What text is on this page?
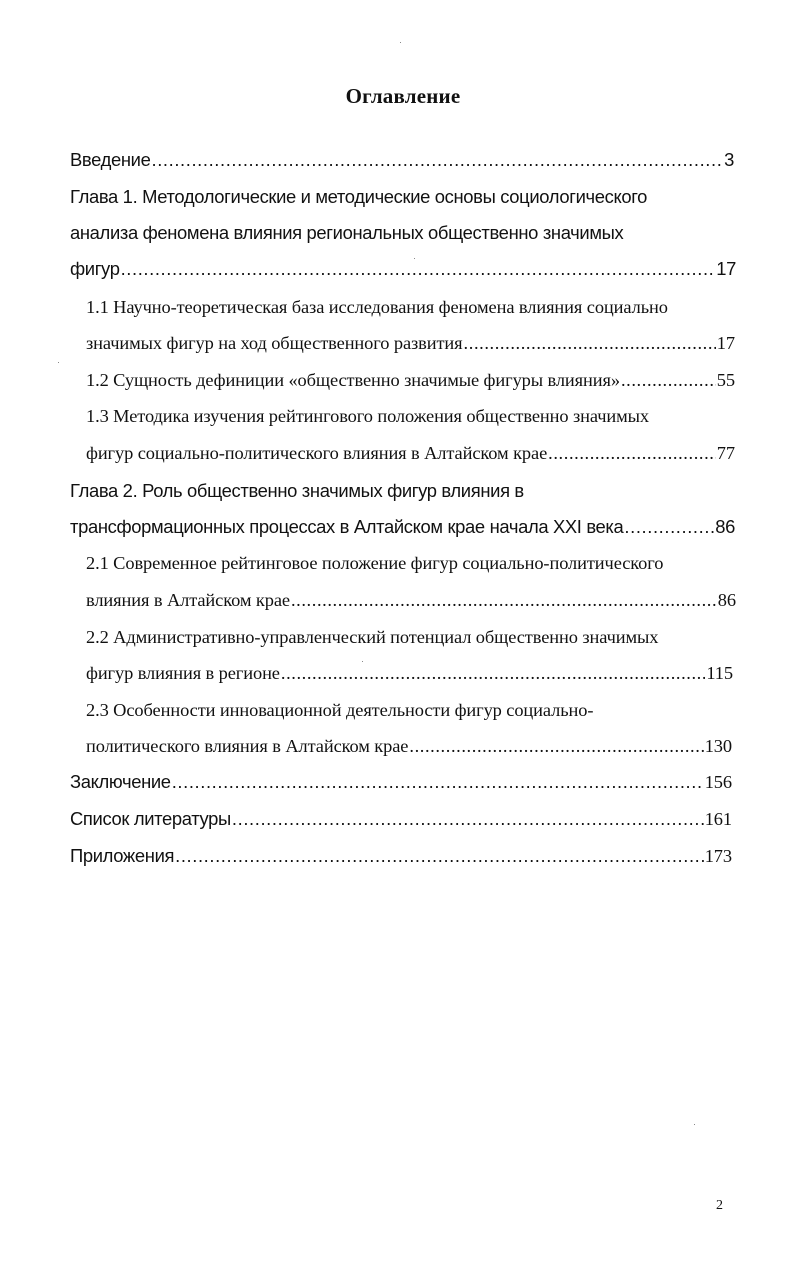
Оглавление
Введение .....	3
Глава 1. Методологические и методические основы социологического
анализа феномена влияния региональных общественно значимых
фигур .....	17
1.1 Научно-теоретическая база исследования феномена влияния социально
значимых фигур на ход общественного развития .....	17
1.2 Сущность дефиниции «общественно значимые фигуры влияния» .....	55
1.3 Методика изучения рейтингового положения общественно значимых
фигур социально-политического влияния в Алтайском крае .....	77
Глава 2. Роль общественно значимых фигур влияния в
трансформационных процессах в Алтайском крае начала XXI века .....	86
2.1 Современное рейтинговое положение фигур социально-политического
влияния в Алтайском крае .....	86
2.2 Административно-управленческий потенциал общественно значимых
фигур влияния в регионе .....	115
2.3 Особенности инновационной деятельности фигур социально-
политического влияния в Алтайском крае .....	130
Заключение .....	156
Список литературы .....	161
Приложения .....	173
2
